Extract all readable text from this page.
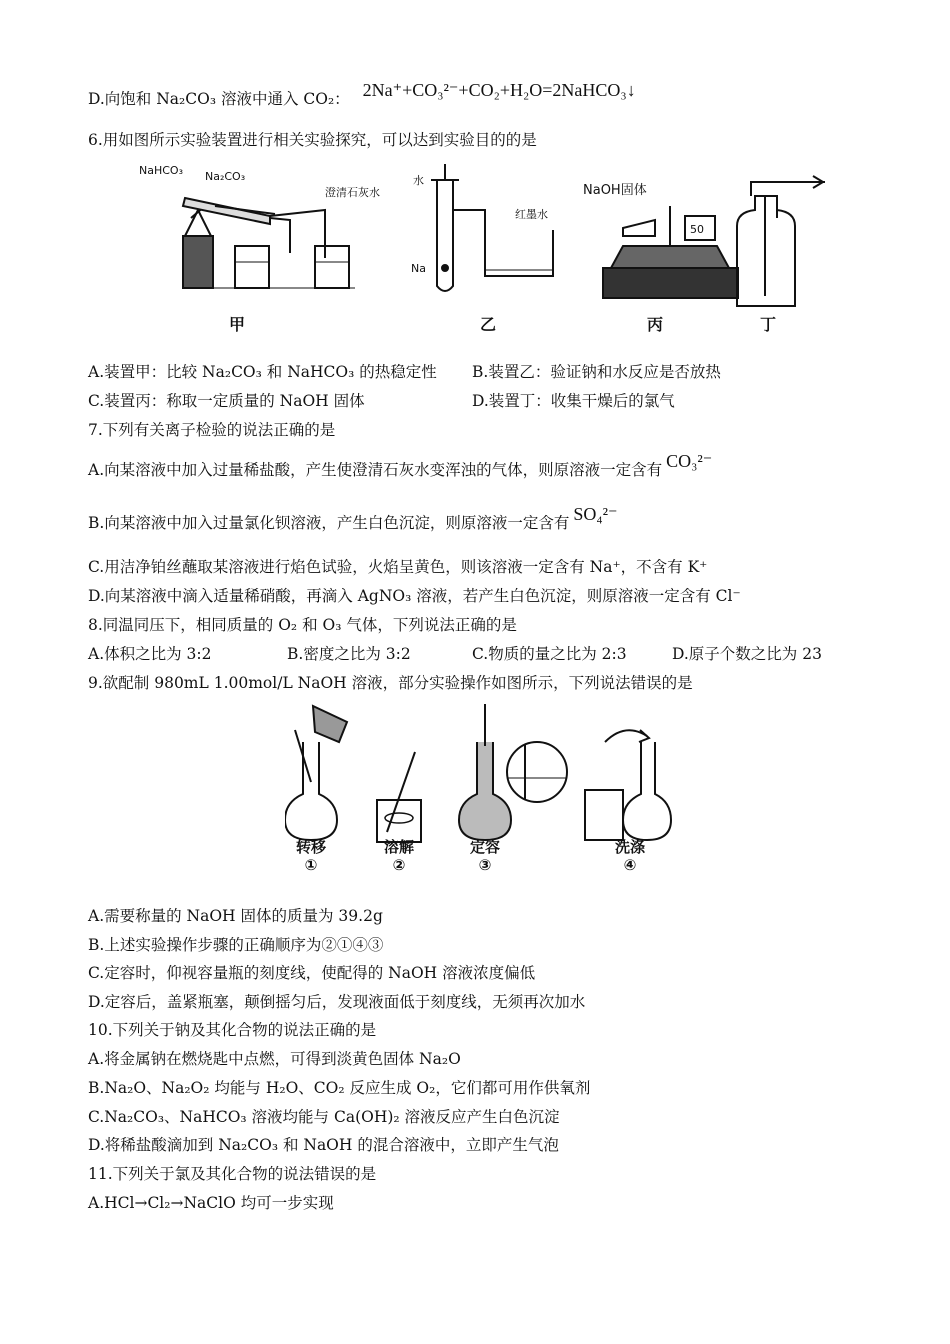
D.向饱和 Na₂CO₃ 溶液中通入 CO₂： 2Na⁺+CO₃²⁻+CO₂+H₂O=2NaHCO₃↓
6.用如图所示实验装置进行相关实验探究，可以达到实验目的的是
NaHCO₃ Na₂CO₃
澄清石灰水
水
Na
红墨水
NaOH固体
50
甲	乙	丙	丁
A.装置甲：比较 Na₂CO₃ 和 NaHCO₃ 的热稳定性 B.装置乙：验证钠和水反应是否放热
C.装置丙：称取一定质量的 NaOH 固体	D.装置丁：收集干燥后的氯气
7.下列有关离子检验的说法正确的是
A.向某溶液中加入过量稀盐酸，产生使澄清石灰水变浑浊的气体，则原溶液一定含有 CO₃²⁻
B.向某溶液中加入过量氯化钡溶液，产生白色沉淀，则原溶液一定含有 SO₄²⁻
C.用洁净铂丝蘸取某溶液进行焰色试验，火焰呈黄色，则该溶液一定含有 Na⁺，不含有 K⁺
D.向某溶液中滴入适量稀硝酸，再滴入 AgNO₃ 溶液，若产生白色沉淀，则原溶液一定含有 Cl⁻
8.同温同压下，相同质量的 O₂ 和 O₃ 气体，下列说法正确的是
A.体积之比为 3:2	B.密度之比为 3:2	C.物质的量之比为 2:3	D.原子个数之比为 23
9.欲配制 980mL 1.00mol/L NaOH 溶液，部分实验操作如图所示，下列说法错误的是
转移	溶解	定容	洗涤
①	②	③	④
A.需要称量的 NaOH 固体的质量为 39.2g
B.上述实验操作步骤的正确顺序为②①④③
C.定容时，仰视容量瓶的刻度线，使配得的 NaOH 溶液浓度偏低
D.定容后，盖紧瓶塞，颠倒摇匀后，发现液面低于刻度线，无须再次加水
10.下列关于钠及其化合物的说法正确的是
A.将金属钠在燃烧匙中点燃，可得到淡黄色固体 Na₂O
B.Na₂O、Na₂O₂ 均能与 H₂O、CO₂ 反应生成 O₂，它们都可用作供氧剂
C.Na₂CO₃、NaHCO₃ 溶液均能与 Ca(OH)₂ 溶液反应产生白色沉淀
D.将稀盐酸滴加到 Na₂CO₃ 和 NaOH 的混合溶液中，立即产生气泡
11.下列关于氯及其化合物的说法错误的是
A.HCl→Cl₂→NaClO 均可一步实现
